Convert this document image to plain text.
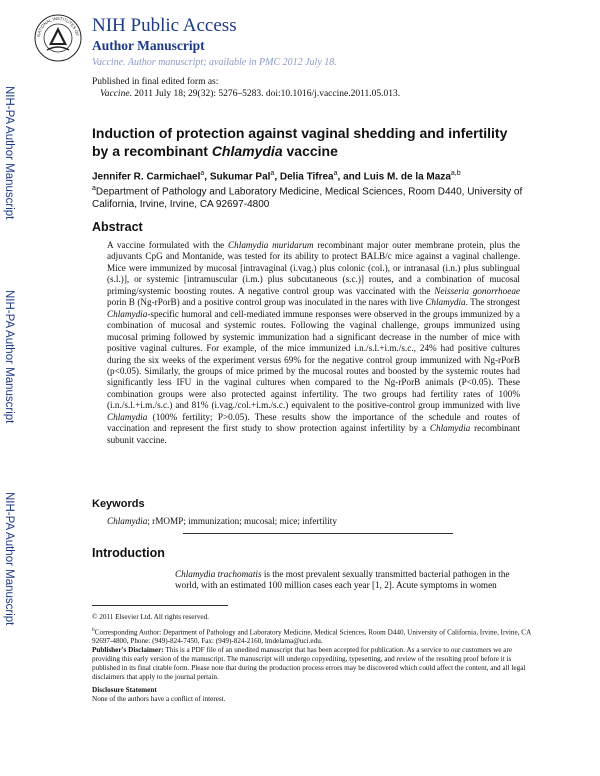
NATIONAL INSTITUTES OF NIH Public Access
Author Manuscript
Vaccine. Author manuscript; available in PMC 2012 July 18.
Published in final edited form as:
Vaccine. 2011 July 18; 29(32): 5276–5283. doi:10.1016/j.vaccine.2011.05.013.
NIH-PA Author Manuscript
NIH-PA Author Manuscript
NIH-PA Author Manuscript
Induction of protection against vaginal shedding and infertility
by a recombinant Chlamydia vaccine
Jennifer R. Carmichael$^a$, Sukumar Pal$^a$, Delia Tifrea$^a$, and Luis M. de la Maza$^{a,b}$
$^a$Department of Pathology and Laboratory Medicine, Medical Sciences, Room D440, University of California, Irvine, Irvine, CA 92697-4800
Abstract
A vaccine formulated with the Chlamydia muridarum recombinant major outer membrane protein, plus the adjuvants CpG and Montanide, was tested for its ability to protect BALB/c mice against a vaginal challenge. Mice were immunized by mucosal [intravaginal (i.vag.) plus colonic (col.), or intranasal (i.n.) plus sublingual (s.l.)], or systemic [intramuscular (i.m.) plus subcutaneous (s.c.)] routes, and a combination of mucosal priming/systemic boosting routes. A negative control group was vaccinated with the Neisseria gonorrhoeae porin B (Ng-rPorB) and a positive control group was inoculated in the nares with live Chlamydia. The strongest Chlamydia-specific humoral and cell-mediated immune responses were observed in the groups immunized by a combination of mucosal and systemic routes. Following the vaginal challenge, groups immunized using mucosal priming followed by systemic immunization had a significant decrease in the number of mice with positive vaginal cultures. For example, of the mice immunized i.n./s.l.+i.m./s.c., 24% had positive cultures during the six weeks of the experiment versus 69% for the negative control group immunized with Ng-rPorB (p<0.05). Similarly, the groups of mice primed by the mucosal routes and boosted by the systemic routes had significantly less IFU in the vaginal cultures when compared to the Ng-rPorB animals (P<0.05). These combination groups were also protected against infertility. The two groups had fertility rates of 100% (i.n./s.l.+i.m./s.c.) and 81% (i.vag./col.+i.m./s.c.) equivalent to the positive-control group immunized with live Chlamydia (100% fertility; P>0.05). These results show the importance of the schedule and routes of vaccination and represent the first study to show protection against infertility by a Chlamydia recombinant subunit vaccine.
Keywords
Chlamydia; rMOMP; immunization; mucosal; mice; infertility
Introduction
Chlamydia trachomatis is the most prevalent sexually transmitted bacterial pathogen in the world, with an estimated 100 million cases each year [1, 2]. Acute symptoms in women
© 2011 Elsevier Ltd. All rights reserved.
$^b$Corresponding Author: Department of Pathology and Laboratory Medicine, Medical Sciences, Room D440, University of California, Irvine, Irvine, CA 92697-4800, Phone: (949)-824-7450, Fax: (949)-824-2160, lmdelama@uci.edu.
Publisher's Disclaimer: This is a PDF file of an unedited manuscript that has been accepted for publication. As a service to our customers we are providing this early version of the manuscript. The manuscript will undergo copyediting, typesetting, and review of the resulting proof before it is published in its final citable form. Please note that during the production process errors may be discovered which could affect the content, and all legal disclaimers that apply to the journal pertain.
Disclosure Statement
None of the authors have a conflict of interest.
